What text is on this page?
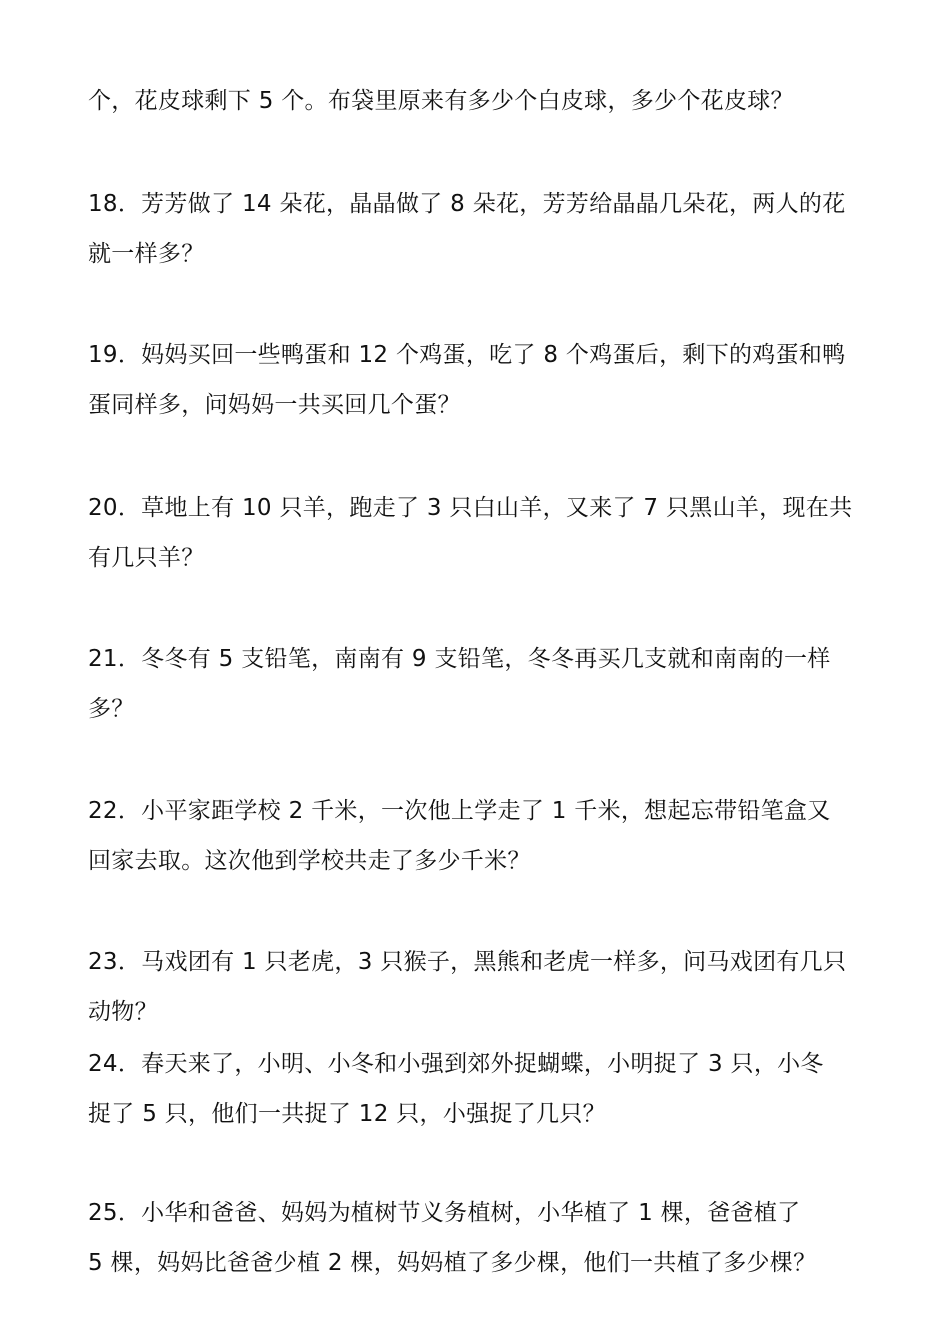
个，花皮球剩下 5 个。布袋里原来有多少个白皮球，多少个花皮球？
18．芳芳做了 14 朵花，晶晶做了 8 朵花，芳芳给晶晶几朵花，两人的花
就一样多？
19．妈妈买回一些鸭蛋和 12 个鸡蛋，吃了 8 个鸡蛋后，剩下的鸡蛋和鸭
蛋同样多，问妈妈一共买回几个蛋？
20．草地上有 10 只羊，跑走了 3 只白山羊，又来了 7 只黑山羊，现在共
有几只羊？
21．冬冬有 5 支铅笔，南南有 9 支铅笔，冬冬再买几支就和南南的一样
多？
22．小平家距学校 2 千米，一次他上学走了 1 千米，想起忘带铅笔盒又
回家去取。这次他到学校共走了多少千米？
23．马戏团有 1 只老虎，3 只猴子，黑熊和老虎一样多，问马戏团有几只
动物？
24．春天来了，小明、小冬和小强到郊外捉蝴蝶，小明捉了 3 只，小冬
捉了 5 只，他们一共捉了 12 只，小强捉了几只？
25．小华和爸爸、妈妈为植树节义务植树，小华植了 1 棵，爸爸植了
5 棵，妈妈比爸爸少植 2 棵，妈妈植了多少棵，他们一共植了多少棵？
